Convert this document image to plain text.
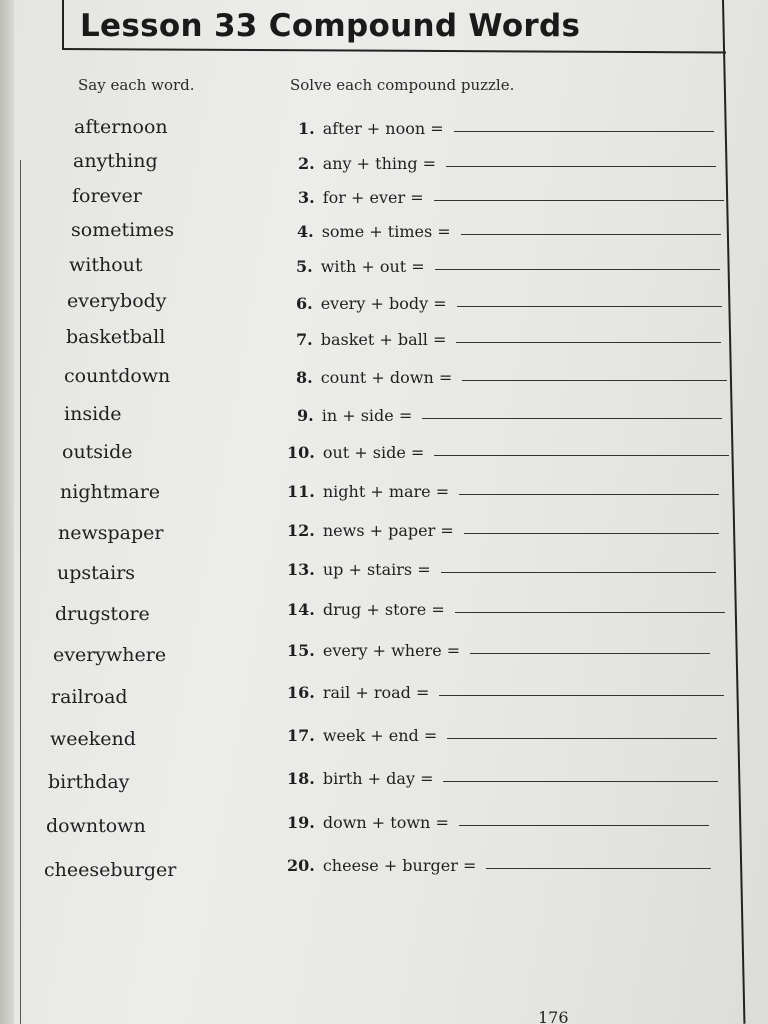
Lesson 33 Compound Words
Say each word.	Solve each compound puzzle.
afternoon
anything
forever
sometimes
without
everybody
basketball
countdown
inside
outside
nightmare
newspaper
upstairs
drugstore
everywhere
railroad
weekend
birthday
downtown
cheeseburger
1. after + noon =
2. any + thing =
3. for + ever =
4. some + times =
5. with + out =
6. every + body =
7. basket + ball =
8. count + down =
9. in + side =
10. out + side =
11. night + mare =
12. news + paper =
13. up + stairs =
14. drug + store =
15. every + where =
16. rail + road =
17. week + end =
18. birth + day =
19. down + town =
20. cheese + burger =
176
